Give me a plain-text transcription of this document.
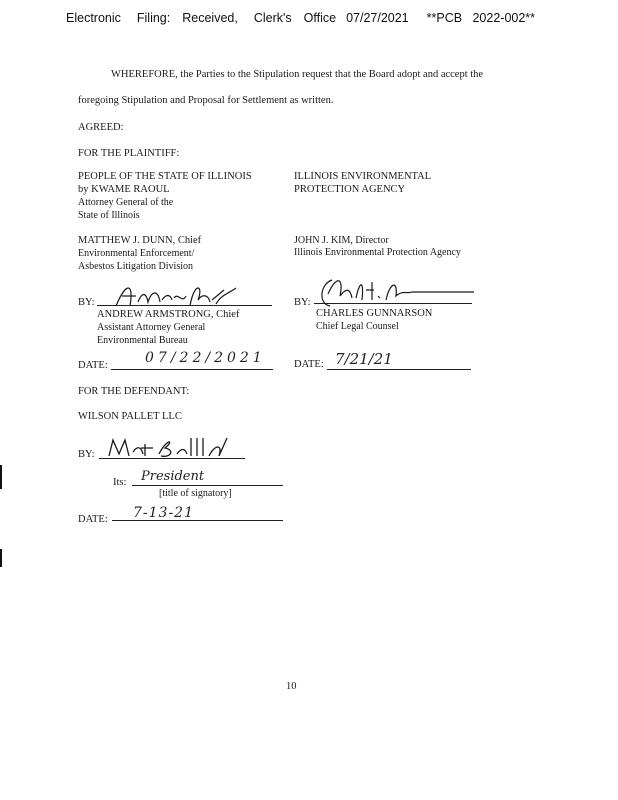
Electronic Filing: Received, Clerk's Office 07/27/2021 **PCB   2022-002**
WHEREFORE, the Parties to the Stipulation request that the Board adopt and accept the
foregoing Stipulation and Proposal for Settlement as written.
AGREED:
FOR THE PLAINTIFF:
PEOPLE OF THE STATE OF ILLINOIS
by KWAME RAOUL
Attorney General of the
State of Illinois
MATTHEW J. DUNN, Chief
Environmental Enforcement/
Asbestos Litigation Division
BY:
ANDREW ARMSTRONG, Chief
Assistant Attorney General
Environmental Bureau
DATE:	07/22/2021
ILLINOIS ENVIRONMENTAL
PROTECTION AGENCY
JOHN J. KIM, Director
Illinois Environmental Protection Agency
BY:
CHARLES GUNNARSON
Chief Legal Counsel
DATE: 7/21/21
FOR THE DEFENDANT:
WILSON PALLET LLC
BY:
Its: President
[title of signatory]
DATE: 7-13-21
10
